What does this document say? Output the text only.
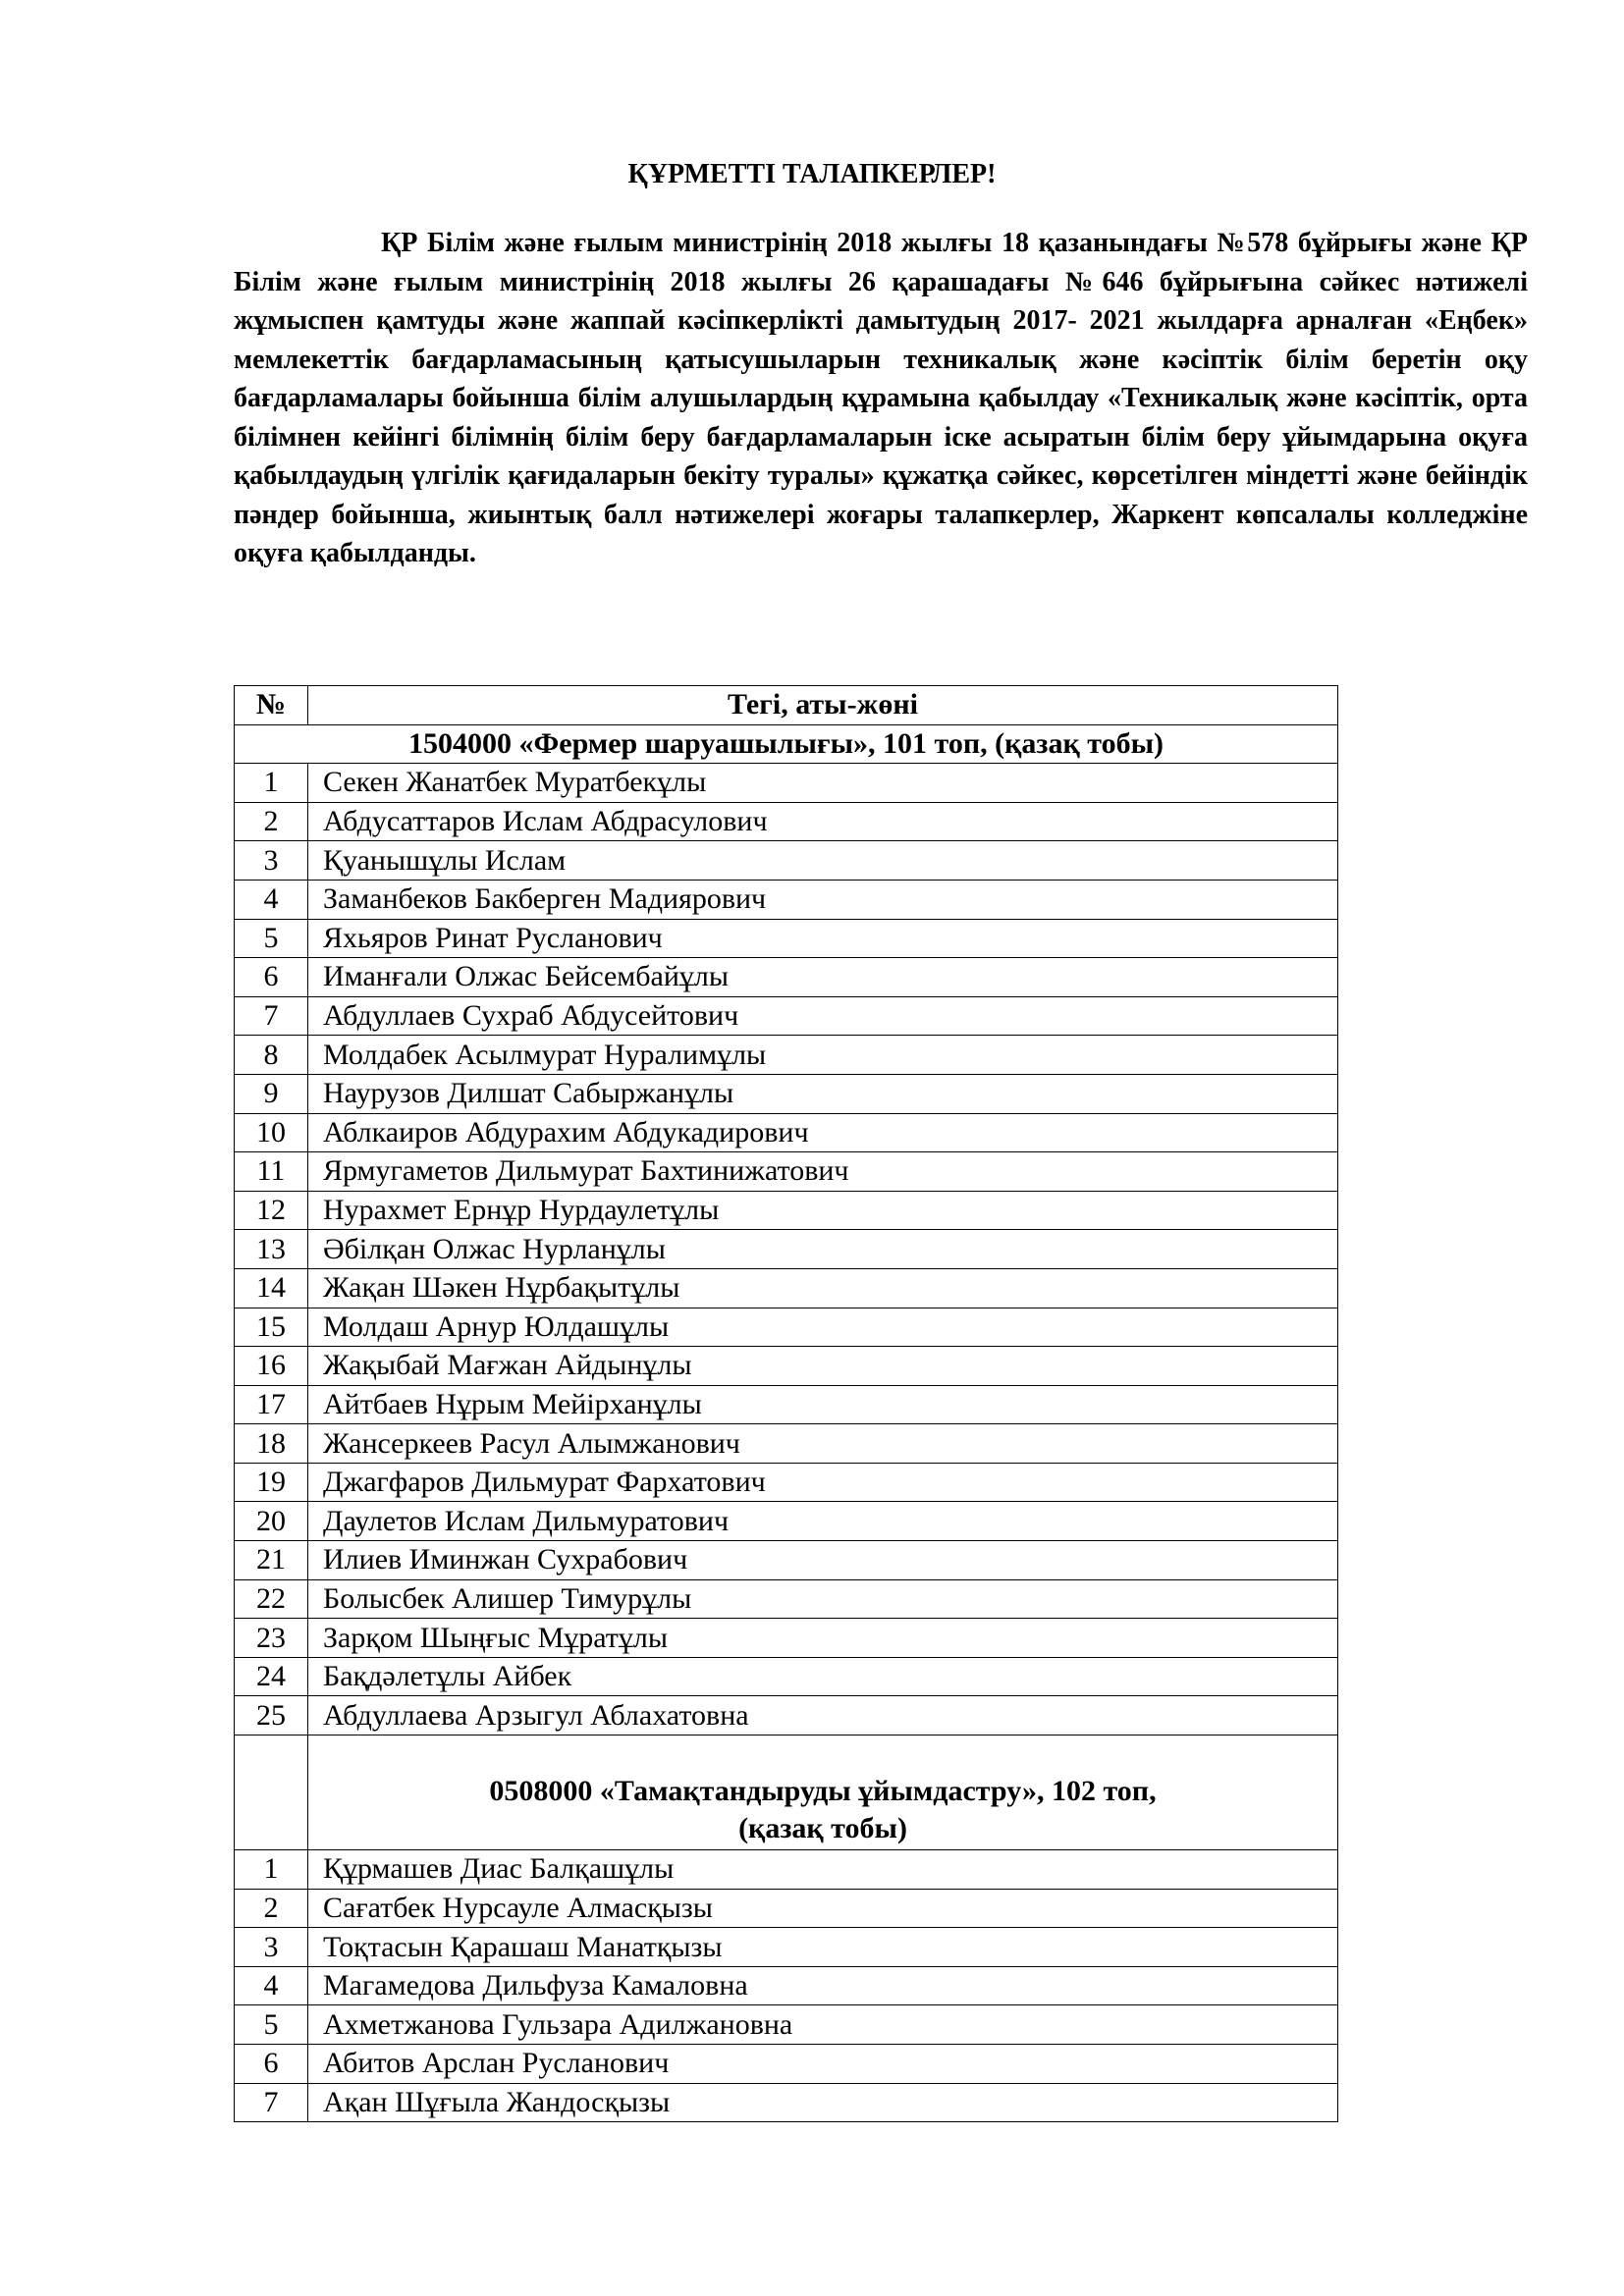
ҚҰРМЕТТІ ТАЛАПКЕРЛЕР!

ҚР Білім және ғылым министрінің 2018 жылғы 18 қазанындағы №578 бұйрығы және ҚР Білім және ғылым министрінің 2018 жылғы 26 қарашадағы №646 бұйрығына сәйкес нәтижелі жұмыспен қамтуды және жаппай кәсіпкерлікті дамытудың 2017- 2021 жылдарға арналған «Еңбек» мемлекеттік бағдарламасының қатысушыларын техникалық және кәсіптік білім беретін оқу бағдарламалары бойынша білім алушылардың құрамына қабылдау «Техникалық және кәсіптік, орта білімнен кейінгі білімнің білім беру бағдарламаларын іске асыратын білім беру ұйымдарына оқуға қабылдаудың үлгілік қағидаларын бекіту туралы» құжатқа сәйкес, көрсетілген міндетті және бейіндік пәндер бойынша, жиынтық балл нәтижелері жоғары талапкерлер, Жаркент көпсалалы колледжіне оқуға қабылданды.

№	Тегі, аты-жөні
1504000 «Фермер шаруашылығы», 101 топ, (қазақ тобы)	
1	Секен Жанатбек Муратбекұлы
2	Абдусаттаров Ислам Абдрасулович
3	Қуанышұлы Ислам
4	Заманбеков Бакберген Мадиярович
5	Яхьяров Ринат Русланович
6	Иманғали Олжас Бейсембайұлы
7	Абдуллаев Сухраб Абдусейтович
8	Молдабек Асылмурат Нуралимұлы
9	Наурузов Дилшат Сабыржанұлы
10	Аблкаиров Абдурахим Абдукадирович
11	Ярмугаметов Дильмурат Бахтинижатович
12	Нурахмет Ернұр Нурдаулетұлы
13	Әбілқан Олжас Нурланұлы
14	Жақан Шәкен Нұрбақытұлы
15	Молдаш Арнур Юлдашұлы
16	Жақыбай Мағжан Айдынұлы
17	Айтбаев Нұрым Мейірханұлы
18	Жансеркеев Расул Алымжанович
19	Джагфаров Дильмурат Фархатович
20	Даулетов Ислам Дильмуратович
21	Илиев Иминжан Сухрабович
22	Болысбек Алишер Тимурұлы
23	Зарқом Шыңғыс Мұратұлы
24	Бақдәлетұлы Айбек
25	Абдуллаева Арзыгул Аблахатовна

	0508000 «Тамақтандыруды ұйымдастру», 102 топ,
(қазақ тобы)

1	Құрмашев Диас Балқашұлы
2	Сағатбек Нурсауле Алмасқызы
3	Тоқтасын Қарашаш Манатқызы
4	Магамедова Дильфуза Камаловна
5	Ахметжанова Гульзара Адилжановна
6	Абитов Арслан Русланович
7	Ақан Шұғыла Жандосқызы
